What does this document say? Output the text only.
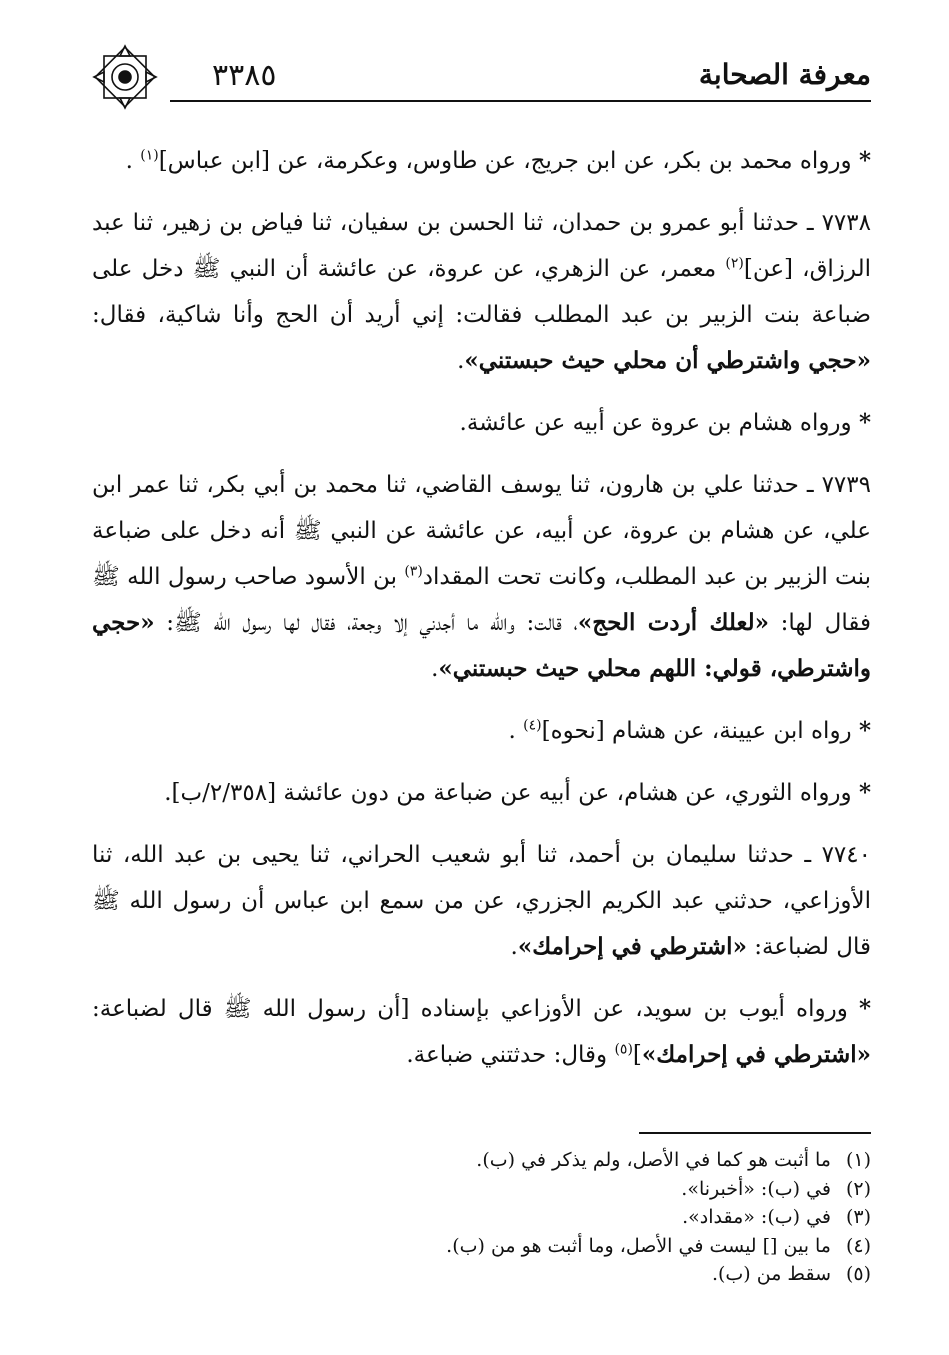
٣٣٨٥	معرفة الصحابة

* ورواه محمد بن بكر، عن ابن جريج، عن طاوس، وعكرمة، عن [ابن عباس]$^{(١)}$ .

٧٧٣٨ ـ حدثنا أبو عمرو بن حمدان، ثنا الحسن بن سفيان، ثنا فياض بن زهير، ثنا عبد الرزاق، [عن]$^{(٢)}$ معمر، عن الزهري، عن عروة، عن عائشة أن النبي ﷺ دخل على ضباعة بنت الزبير بن عبد المطلب فقالت: إني أريد أن الحج وأنا شاكية، فقال: «حجي واشترطي أن محلي حيث حبستني».

* ورواه هشام بن عروة عن أبيه عن عائشة.

٧٧٣٩ ـ حدثنا علي بن هارون، ثنا يوسف القاضي، ثنا محمد بن أبي بكر، ثنا عمر ابن علي، عن هشام بن عروة، عن أبيه، عن عائشة عن النبي ﷺ أنه دخل على ضباعة بنت الزبير بن عبد المطلب، وكانت تحت المقداد$^{(٣)}$ بن الأسود صاحب رسول الله ﷺ فقال لها: «لعلك أردت الحج»، قالت: والله ما أجدني إلا وجعة، فقال لها رسول الله ﷺ: «حجي واشترطي، قولي: اللهم محلي حيث حبستني».

* رواه ابن عيينة، عن هشام [نحوه]$^{(٤)}$ .

* ورواه الثوري، عن هشام، عن أبيه عن ضباعة من دون عائشة [٢/٣٥٨/ب].

٧٧٤٠ ـ حدثنا سليمان بن أحمد، ثنا أبو شعيب الحراني، ثنا يحيى بن عبد الله، ثنا الأوزاعي، حدثني عبد الكريم الجزري، عن من سمع ابن عباس أن رسول الله ﷺ قال لضباعة: «اشترطي في إحرامك».

* ورواه أيوب بن سويد، عن الأوزاعي بإسناده [أن رسول الله ﷺ قال لضباعة: «اشترطي في إحرامك»]$^{(٥)}$ وقال: حدثتني ضباعة.

(١)ما أثبت هو كما في الأصل، ولم يذكر في (ب).
(٢)في (ب): «أخبرنا».
(٣)في (ب): «مقداد».
(٤)ما بين [] ليست في الأصل، وما أثبت هو من (ب).
(٥)سقط من (ب).
